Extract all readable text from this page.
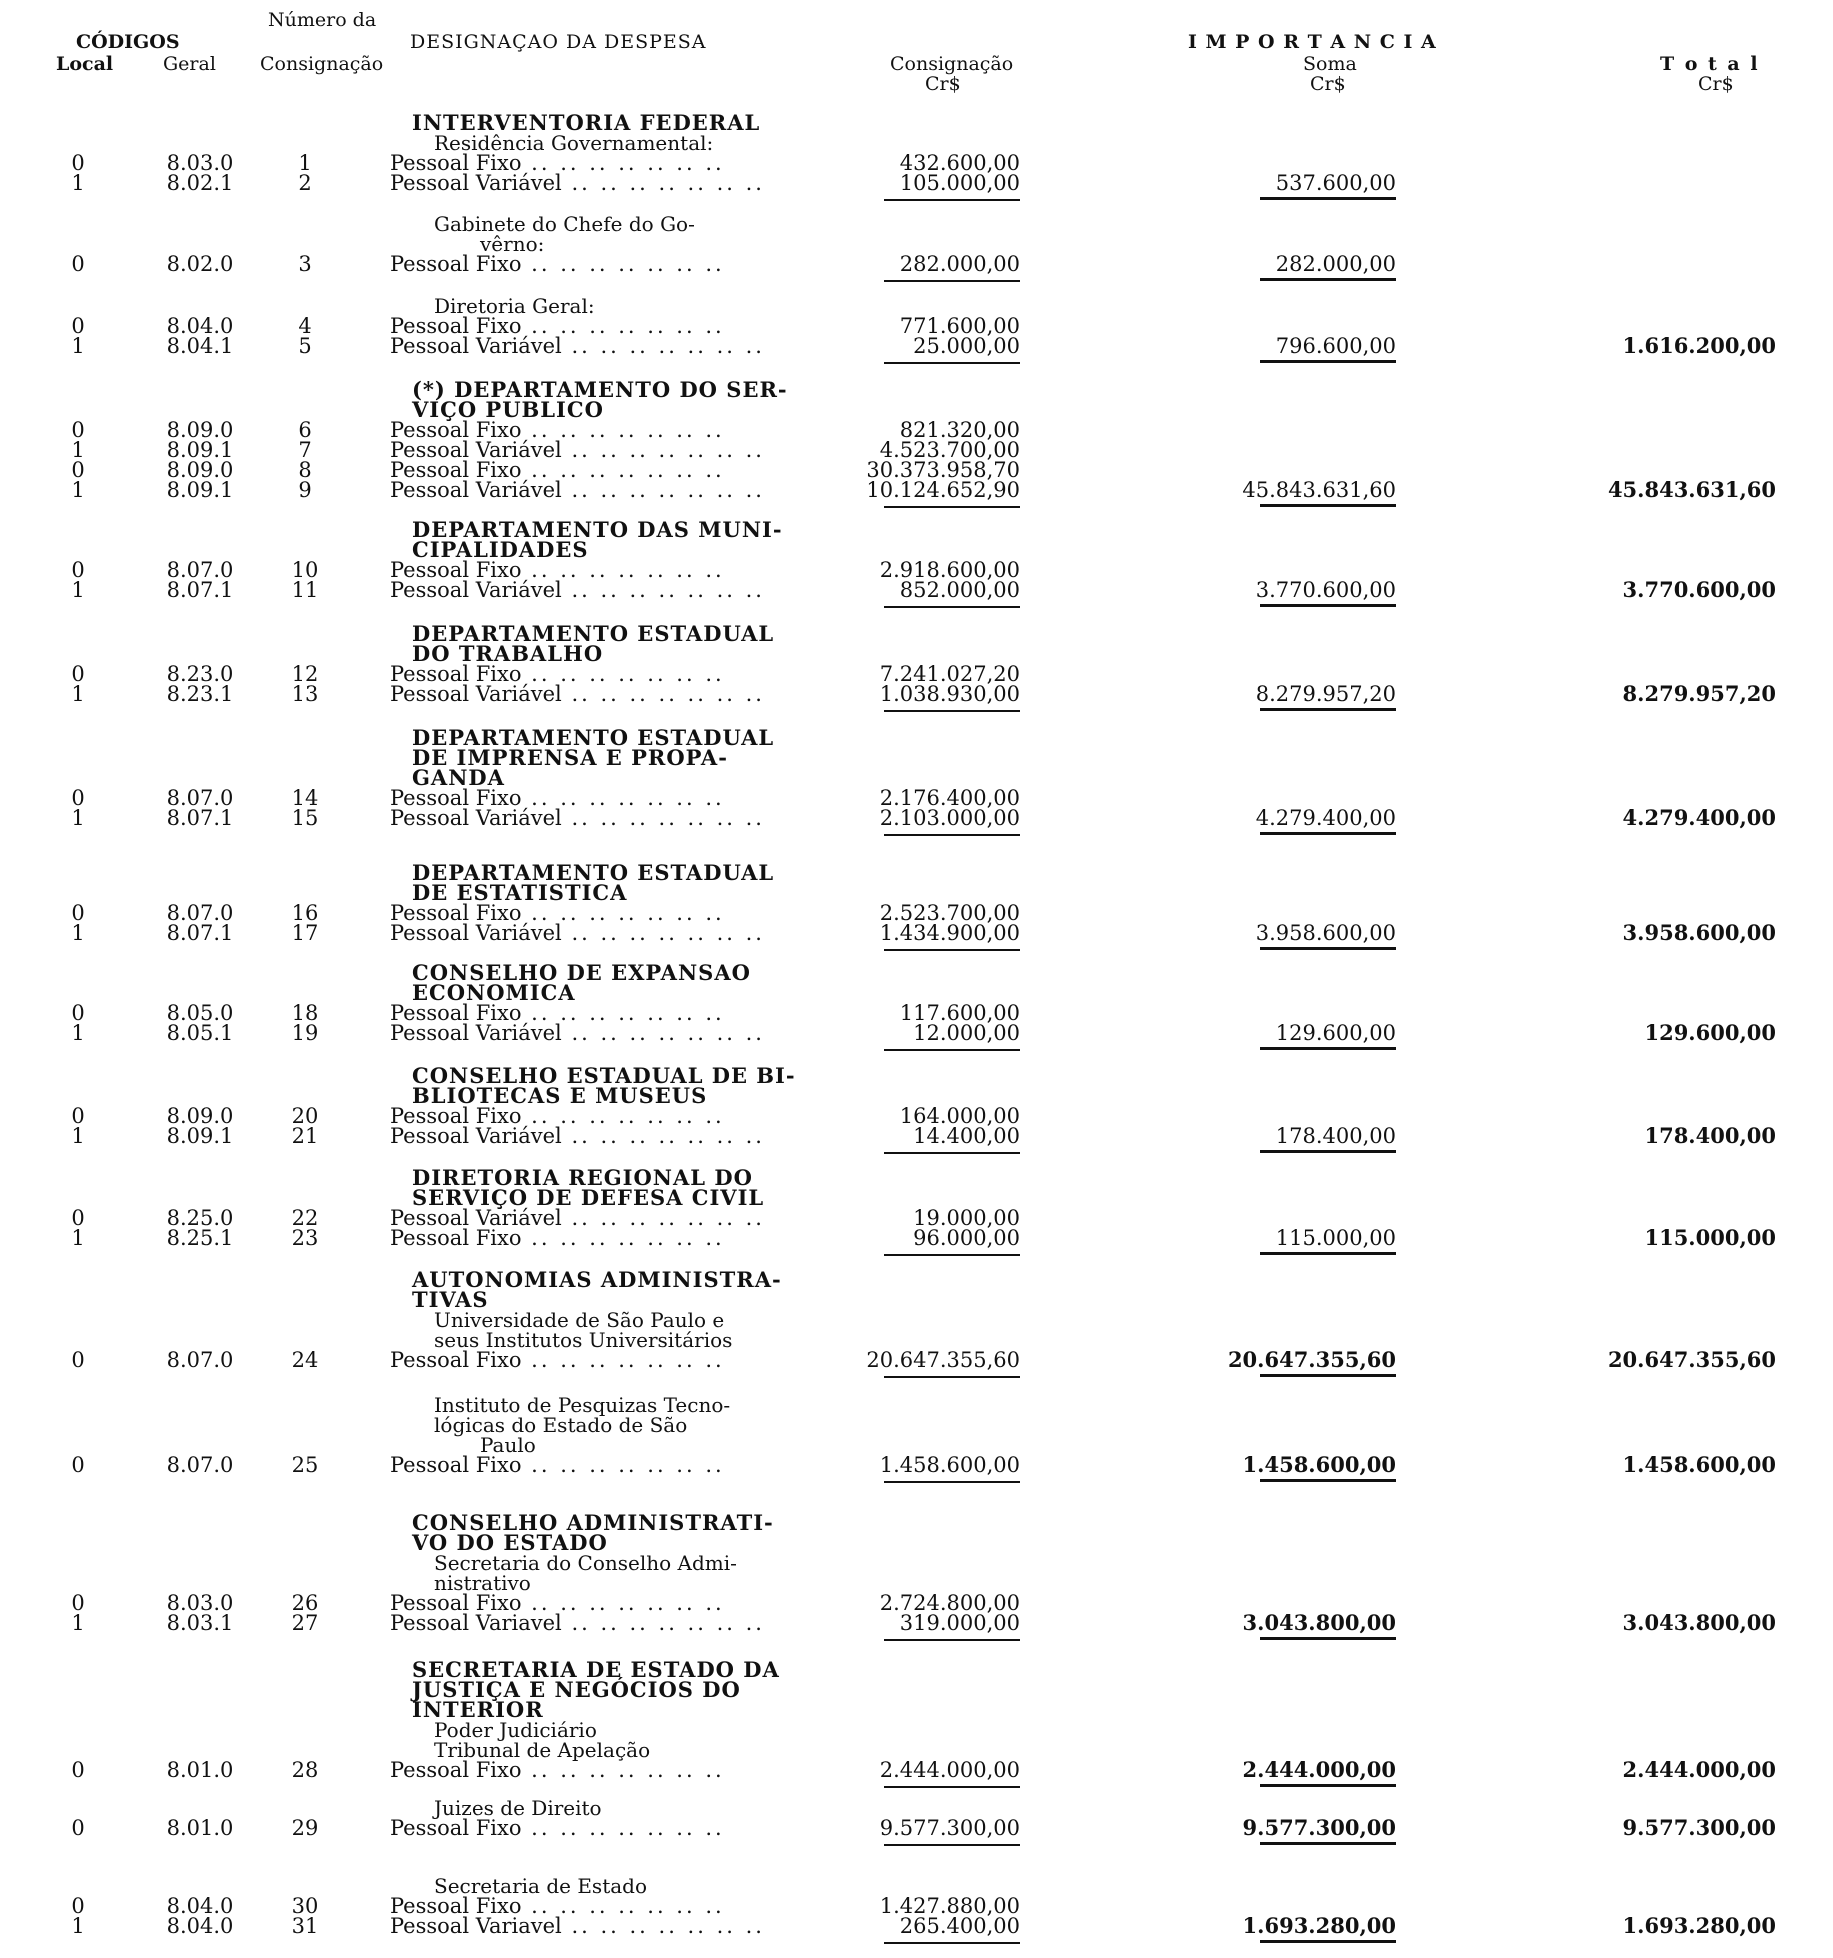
Número da
CÓDIGOS	DESIGNAÇAO DA DESPESA	I M P O R T A N C I A
Local	Geral Consignação	Consignação	Soma	T o t a l
Cr$	Cr$	Cr$
INTERVENTORIA FEDERAL
Residência Governamental:
0	8.03.0	1	Pessoal Fixo .. .. .. .. .. .. ..	432.600,00
1	8.02.1	2	Pessoal Variável .. .. .. .. .. .. ..	105.000,00	537.600,00
Gabinete do Chefe do Go-
vêrno:
0	8.02.0	3	Pessoal Fixo .. .. .. .. .. .. ..	282.000,00	282.000,00
Diretoria Geral:
0	8.04.0	4	Pessoal Fixo .. .. .. .. .. .. ..	771.600,00
1	8.04.1	5	Pessoal Variável .. .. .. .. .. .. ..	25.000,00	796.600,00	1.616.200,00
(*) DEPARTAMENTO DO SER-
VIÇO PUBLICO
0	8.09.0	6	Pessoal Fixo .. .. .. .. .. .. ..	821.320,00
1	8.09.1	7	Pessoal Variável .. .. .. .. .. .. ..	4.523.700,00
0	8.09.0	8	Pessoal Fixo .. .. .. .. .. .. ..	30.373.958,70
1	8.09.1	9	Pessoal Variável .. .. .. .. .. .. ..	10.124.652,90	45.843.631,60	45.843.631,60
DEPARTAMENTO DAS MUNI-
CIPALIDADES
0	8.07.0	10	Pessoal Fixo .. .. .. .. .. .. ..	2.918.600,00
1	8.07.1	11	Pessoal Variável .. .. .. .. .. .. ..	852.000,00	3.770.600,00	3.770.600,00
DEPARTAMENTO ESTADUAL
DO TRABALHO
0	8.23.0	12	Pessoal Fixo .. .. .. .. .. .. ..	7.241.027,20
1	8.23.1	13	Pessoal Variável .. .. .. .. .. .. ..	1.038.930,00	8.279.957,20	8.279.957,20
DEPARTAMENTO ESTADUAL
DE IMPRENSA E PROPA-
GANDA
0	8.07.0	14	Pessoal Fixo .. .. .. .. .. .. ..	2.176.400,00
1	8.07.1	15	Pessoal Variável .. .. .. .. .. .. ..	2.103.000,00	4.279.400,00	4.279.400,00
DEPARTAMENTO ESTADUAL
DE ESTATISTICA
0	8.07.0	16	Pessoal Fixo .. .. .. .. .. .. ..	2.523.700,00
1	8.07.1	17	Pessoal Variável .. .. .. .. .. .. ..	1.434.900,00	3.958.600,00	3.958.600,00
CONSELHO DE EXPANSAO
ECONOMICA
0	8.05.0	18	Pessoal Fixo .. .. .. .. .. .. ..	117.600,00
1	8.05.1	19	Pessoal Variável .. .. .. .. .. .. ..	12.000,00	129.600,00	129.600,00
CONSELHO ESTADUAL DE BI-
BLIOTECAS E MUSEUS
0	8.09.0	20	Pessoal Fixo .. .. .. .. .. .. ..	164.000,00
1	8.09.1	21	Pessoal Variável .. .. .. .. .. .. ..	14.400,00	178.400,00	178.400,00
DIRETORIA REGIONAL DO
SERVIÇO DE DEFESA CIVIL
0	8.25.0	22	Pessoal Variável .. .. .. .. .. .. ..	19.000,00
1	8.25.1	23	Pessoal Fixo .. .. .. .. .. .. ..	96.000,00	115.000,00	115.000,00
AUTONOMIAS ADMINISTRA-
TIVAS
Universidade de São Paulo e
seus Institutos Universitários
0	8.07.0	24	Pessoal Fixo .. .. .. .. .. .. ..	20.647.355,60	20.647.355,60	20.647.355,60
Instituto de Pesquizas Tecno-
lógicas do Estado de São
Paulo
0	8.07.0	25	Pessoal Fixo .. .. .. .. .. .. ..	1.458.600,00	1.458.600,00	1.458.600,00
CONSELHO ADMINISTRATI-
VO DO ESTADO
Secretaria do Conselho Admi-
nistrativo
0	8.03.0	26	Pessoal Fixo .. .. .. .. .. .. ..	2.724.800,00
1	8.03.1	27	Pessoal Variavel .. .. .. .. .. .. ..	319.000,00	3.043.800,00	3.043.800,00
SECRETARIA DE ESTADO DA
JUSTIÇA E NEGÓCIOS DO
INTERIOR
Poder Judiciário
Tribunal de Apelação
0	8.01.0	28	Pessoal Fixo .. .. .. .. .. .. ..	2.444.000,00	2.444.000,00	2.444.000,00
Juizes de Direito
0	8.01.0	29	Pessoal Fixo .. .. .. .. .. .. ..	9.577.300,00	9.577.300,00	9.577.300,00
Secretaria de Estado
0	8.04.0	30	Pessoal Fixo .. .. .. .. .. .. ..	1.427.880,00
1	8.04.0	31	Pessoal Variavel .. .. .. .. .. .. ..	265.400,00	1.693.280,00	1.693.280,00
